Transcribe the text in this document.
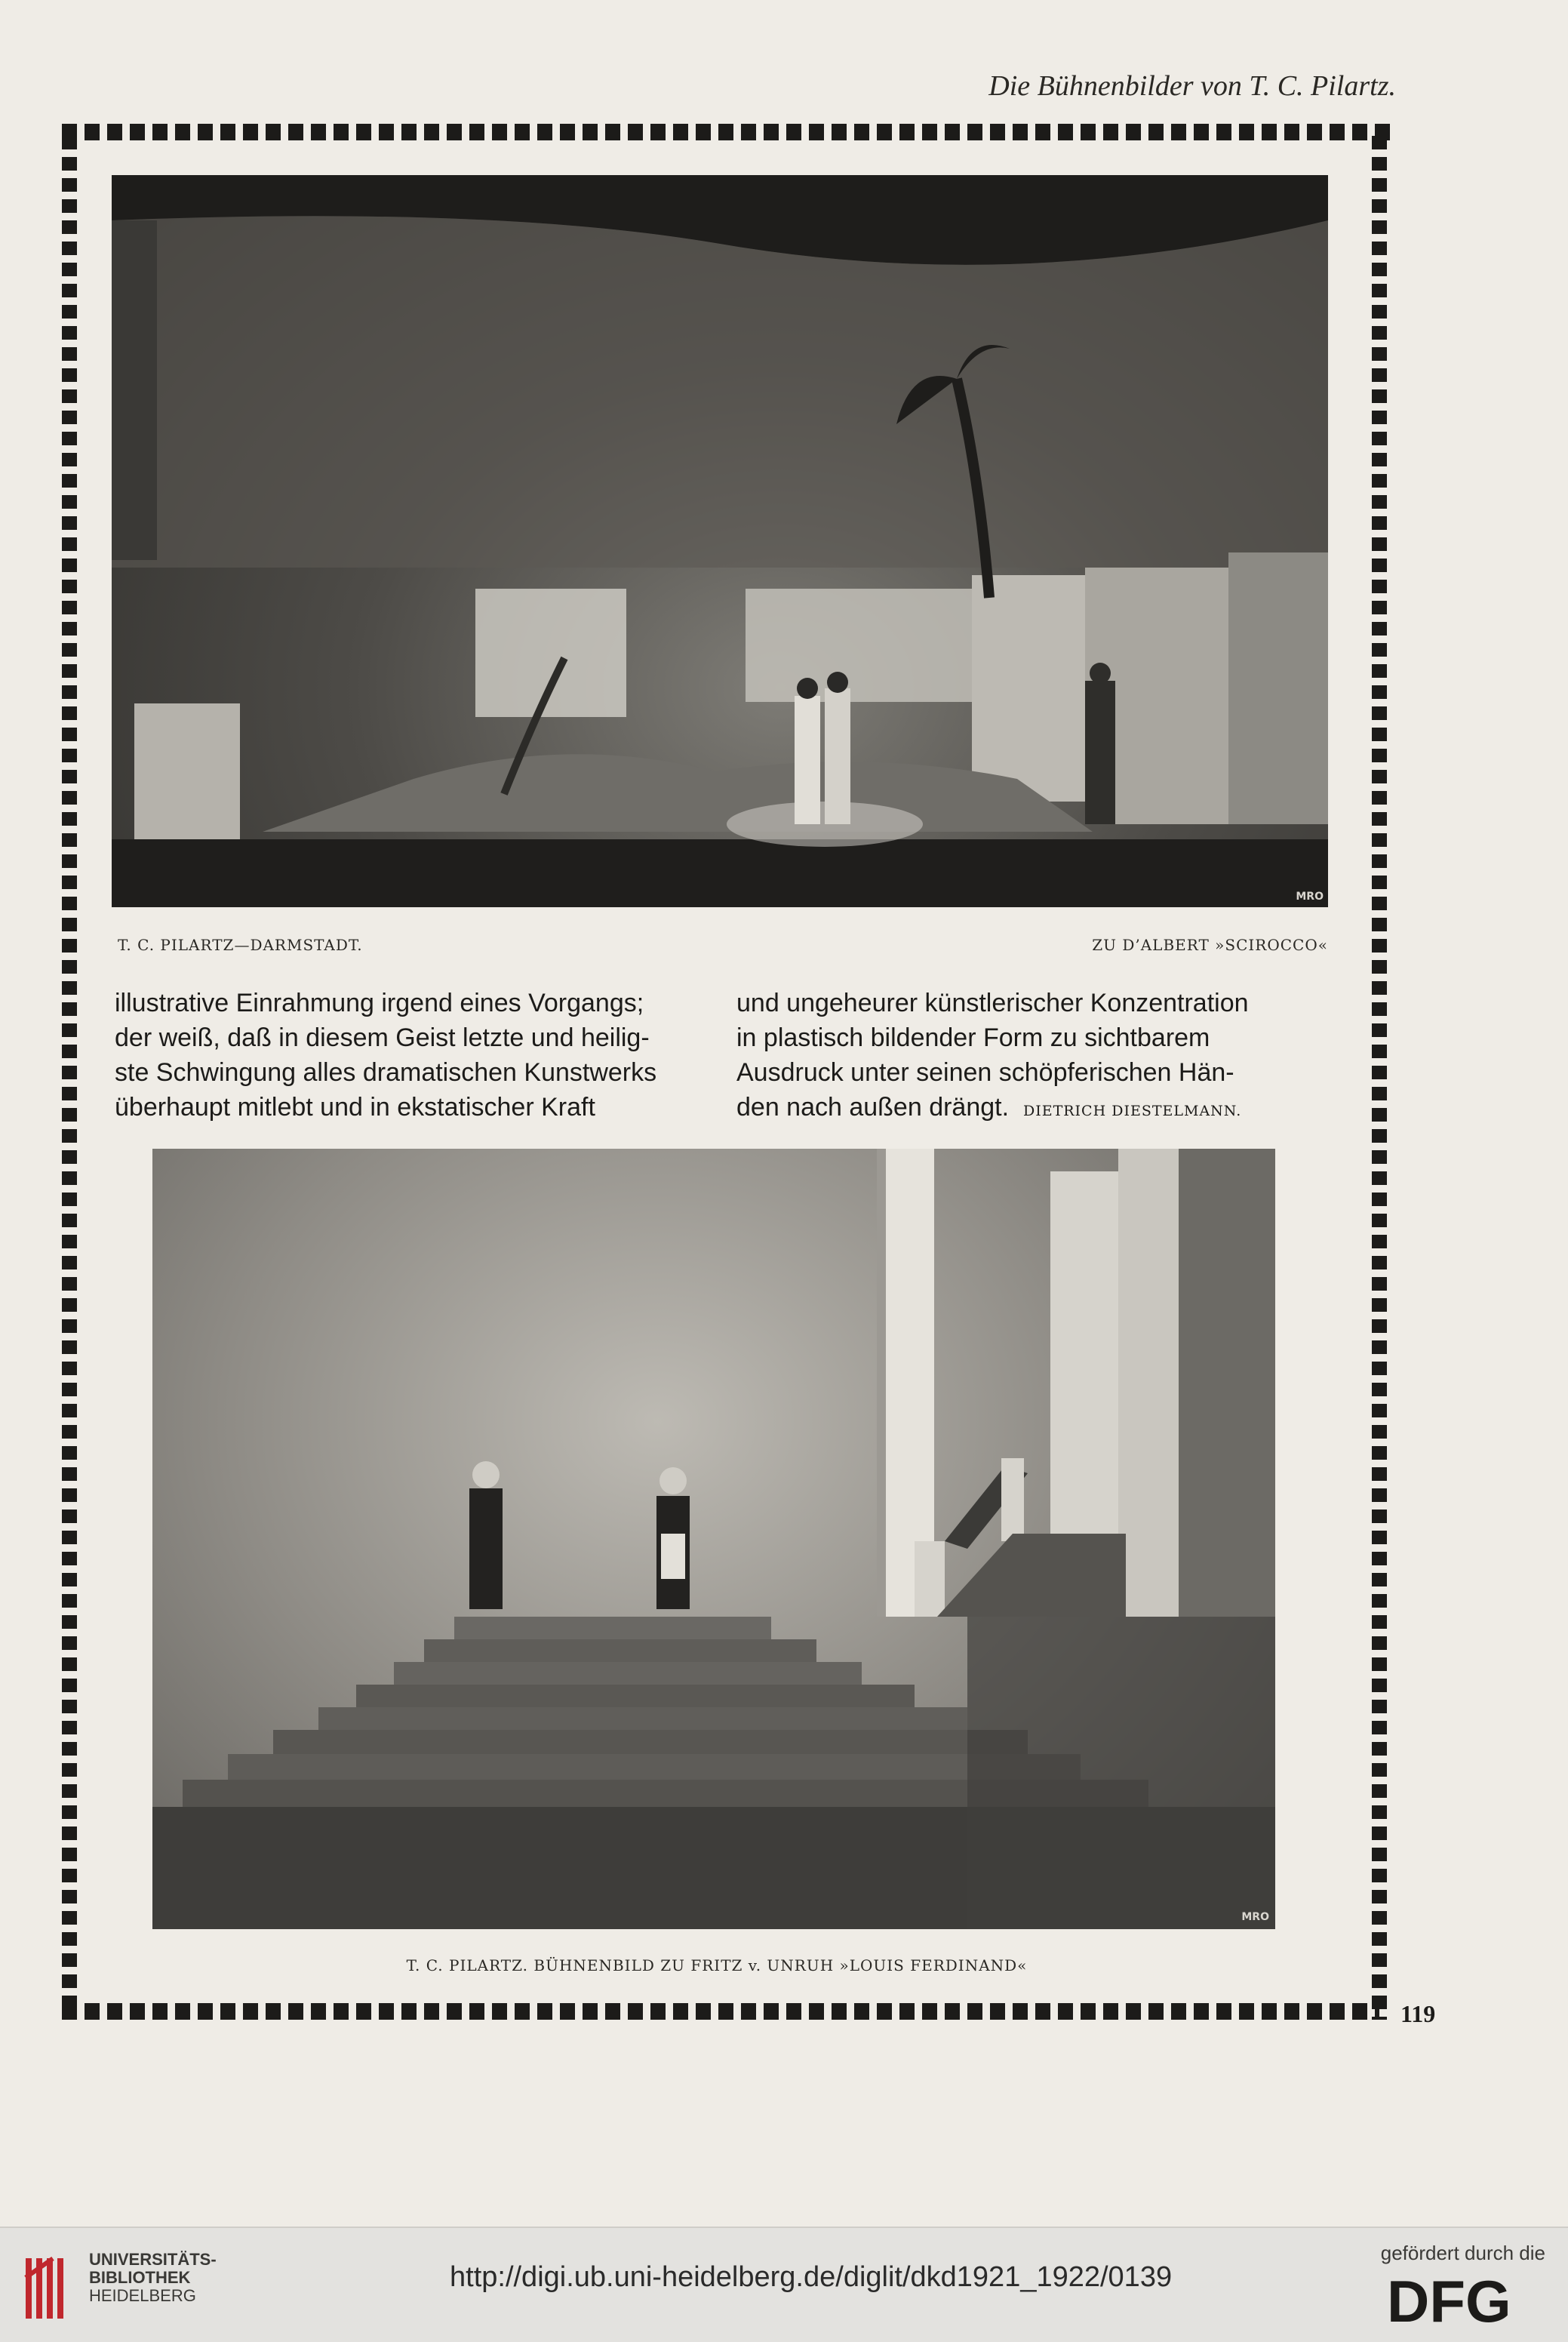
Die Bühnenbilder von T. C. Pilartz.
MRO
T. C. PILARTZ—DARMSTADT.	ZU D’ALBERT »SCIROCCO«

illustrative Einrahmung irgend eines Vorgangs;

der weiß, daß in diesem Geist letzte und heilig-

ste Schwingung alles dramatischen Kunstwerks

überhaupt mitlebt und in ekstatischer Kraft

und ungeheurer künstlerischer Konzentration

in plastisch bildender Form zu sichtbarem

Ausdruck unter seinen schöpferischen Hän-

den nach außen drängt. DIETRICH DIESTELMANN.

MRO
T. C. PILARTZ. BÜHNENBILD ZU FRITZ v. UNRUH »LOUIS FERDINAND«
119
UNIVERSITÄTS-
BIBLIOTHEK
HEIDELBERG
http://digi.ub.uni-heidelberg.de/diglit/dkd1921_1922/0139
gefördert durch die
DFG
